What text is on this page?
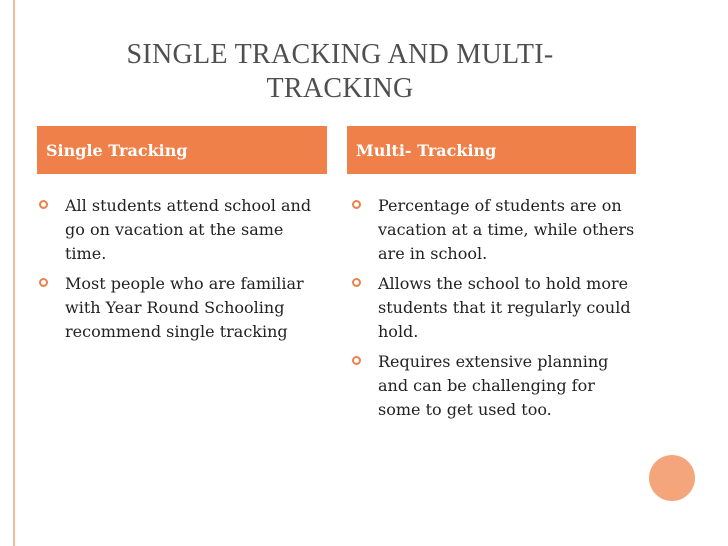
SINGLE TRACKING AND MULTI-TRACKING
Single Tracking	Multi- Tracking
All students attend school and go on vacation at the same time.
Most people who are familiar with Year Round Schooling recommend single tracking
Percentage of students are on vacation at a time, while others are in school.
Allows the school to hold more students that it regularly could hold.
Requires extensive planning and can be challenging for some to get used too.
